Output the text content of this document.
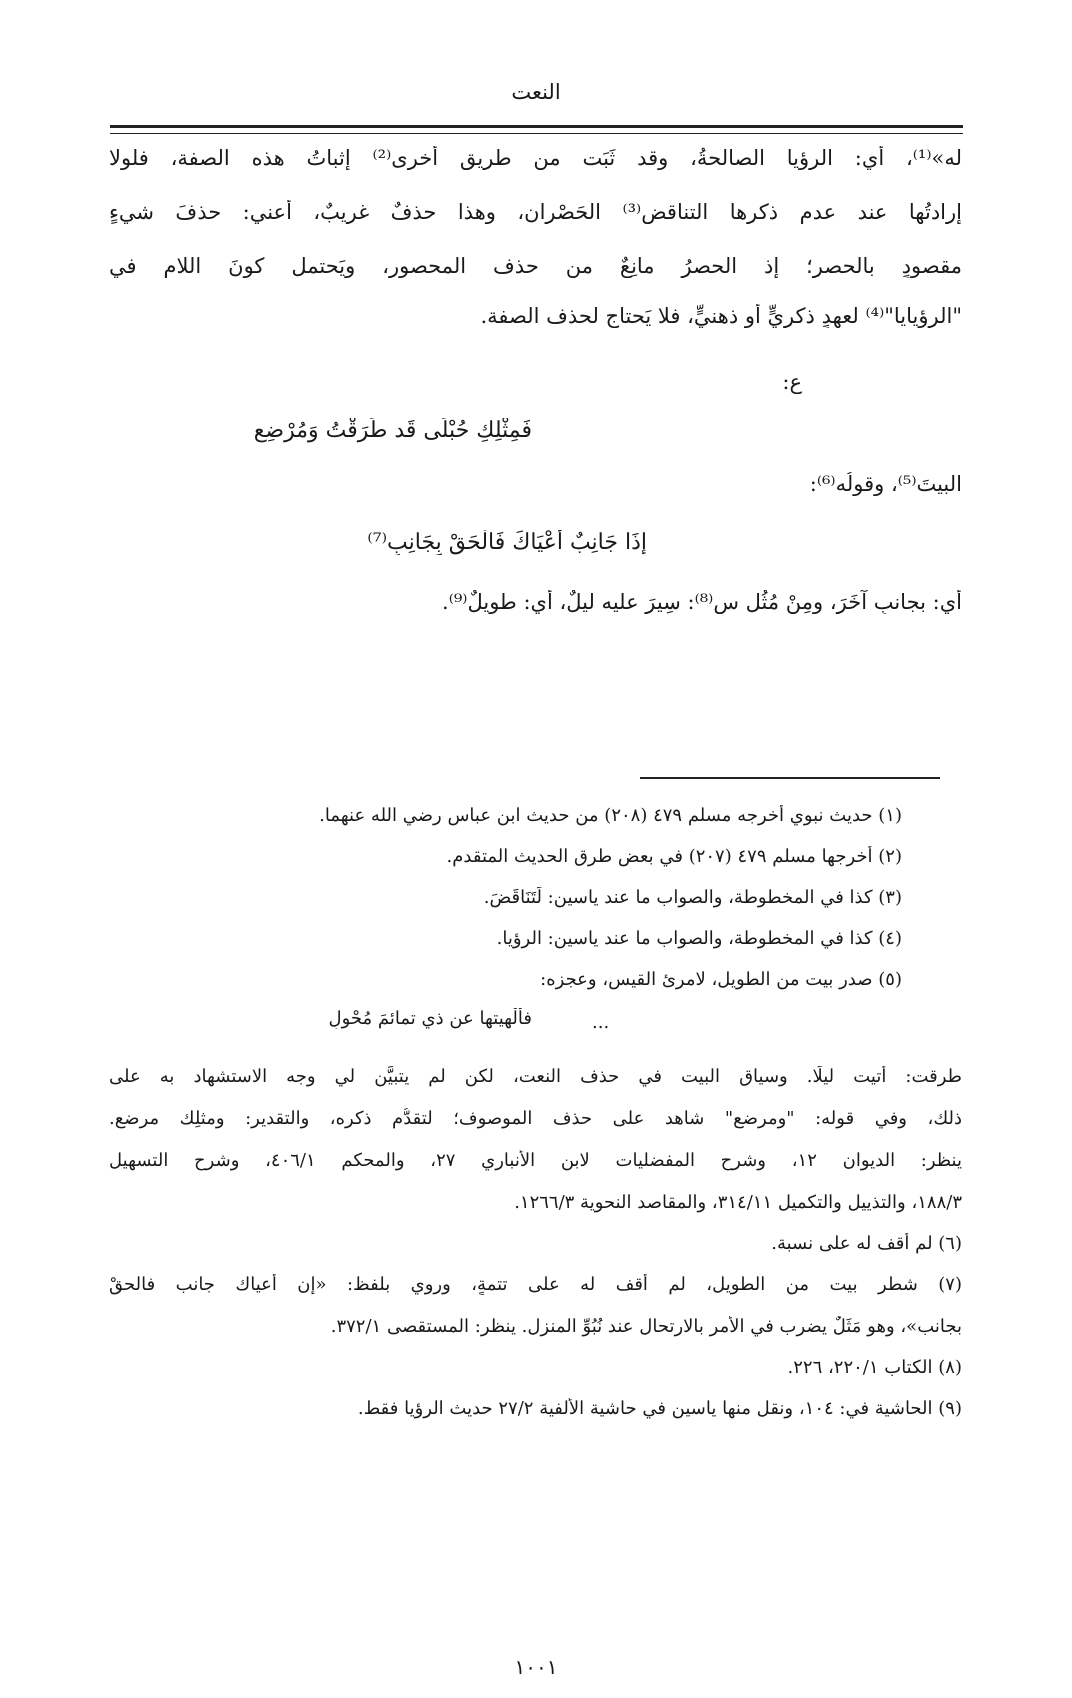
النعت
له»⁽¹⁾، أي: الرؤيا الصالحةُ، وقد ثَبَت من طريقٍ أخرى⁽²⁾ إثباتُ هذه الصفة، فلولا
إرادتُها عند عدم ذكرها التناقض⁽³⁾ الحَصْران، وهذا حذفٌ غريبٌ، أعني: حذفَ شيءٍ
مقصودٍ بالحصر؛ إذ الحصرُ مانِعٌ من حذف المحصور، ويَحتمل كونَ اللامِ في
"الرؤيايا"⁽⁴⁾ لعهدٍ ذكريٍّ أو ذهنيٍّ، فلا يَحتاج لحذف الصفة.
ع:
فَمِثْلِكِ حُبْلَى قَد طَرَقْتُ وَمُرْضِعِ
البيتَ⁽⁵⁾، وقولُه⁽⁶⁾:
إِذَا جَانِبٌ أَعْيَاكَ فَالْحَقْ بِجَانِبِ⁽⁷⁾
أي: بجانبٍ آخَرَ، ومِنْ مُثُل س⁽⁸⁾: سِيرَ عليه ليلٌ، أي: طويلٌ⁽⁹⁾.
(١) حديث نبوي أخرجه مسلم ٤٧٩ (٢٠٨) من حديث ابن عباس رضي الله عنهما.
(٢) أخرجها مسلم ٤٧٩ (٢٠٧) في بعض طرق الحديث المتقدم.
(٣) كذا في المخطوطة، والصواب ما عند ياسين: لَتَنَاقَضَ.
(٤) كذا في المخطوطة، والصواب ما عند ياسين: الرؤيا.
(٥) صدر بيت من الطويل، لامرئ القيس، وعجزه:
...
فألْهيتها عن ذي تمائمَ مُحْوِلِ
طرقت: أتيت ليلًا. وسياق البيت في حذف النعت، لكن لم يتبيَّن لي وجه الاستشهاد به على
ذلك، وفي قوله: "ومرضعٍ" شاهد على حذف الموصوف؛ لتقدُّم ذكره، والتقدير: ومثلِك مرضعٍ.
ينظر: الديوان ١٢، وشرح المفضليات لابن الأنباري ٢٧، والمحكم ٤٠٦/١، وشرح التسهيل
١٨٨/٣، والتذييل والتكميل ٣١٤/١١، والمقاصد النحوية ١٢٦٦/٣.
(٦) لم أقف له على نسبة.
(٧) شطر بيت من الطويل، لم أقف له على تتمةٍ، وروي بلفظ: «إن أعياك جانب فالحقْ
بجانب»، وهو مَثَلٌ يضرب في الأمر بالارتحال عند نُبُوِّ المنزل. ينظر: المستقصى ٣٧٢/١.
(٨) الكتاب ٢٢٠/١، ٢٢٦.
(٩) الحاشية في: ١٠٤، ونقل منها ياسين في حاشية الألفية ٢٧/٢ حديث الرؤيا فقط.
١٠٠١
